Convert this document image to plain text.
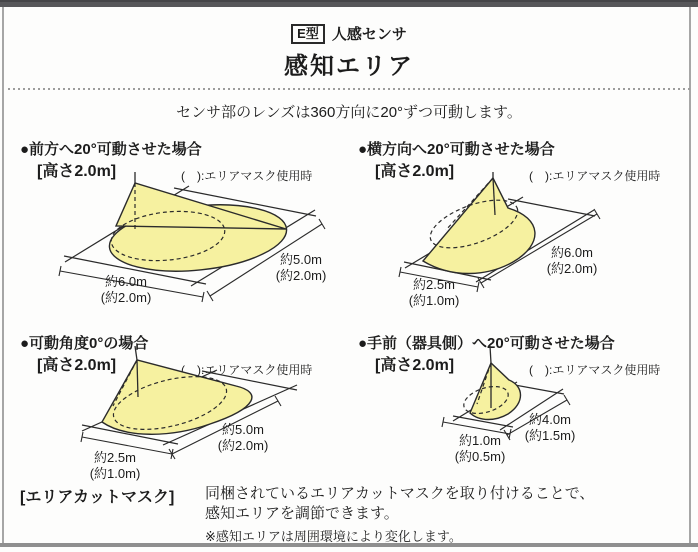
E型 人感センサ
感知エリア
センサ部のレンズは360方向に20°ずつ可動します。
●前方へ20°可動させた場合
[高さ2.0m]	(　):エリアマスク使用時
約6.0m
(約2.0m)
約5.0m
(約2.0m)
●横方向へ20°可動させた場合
[高さ2.0m]	(　):エリアマスク使用時
約2.5m
(約1.0m)
約6.0m
(約2.0m)
●可動角度0°の場合
[高さ2.0m]	(　):エリアマスク使用時
約2.5m
(約1.0m)
約5.0m
(約2.0m)
●手前（器具側）へ20°可動させた場合
[高さ2.0m]	(　):エリアマスク使用時
約1.0m
(約0.5m)
約4.0m
(約1.5m)
[エリアカットマスク] 同梱されているエリアカットマスクを取り付けることで、
感知エリアを調節できます。
※感知エリアは周囲環境により変化します。
